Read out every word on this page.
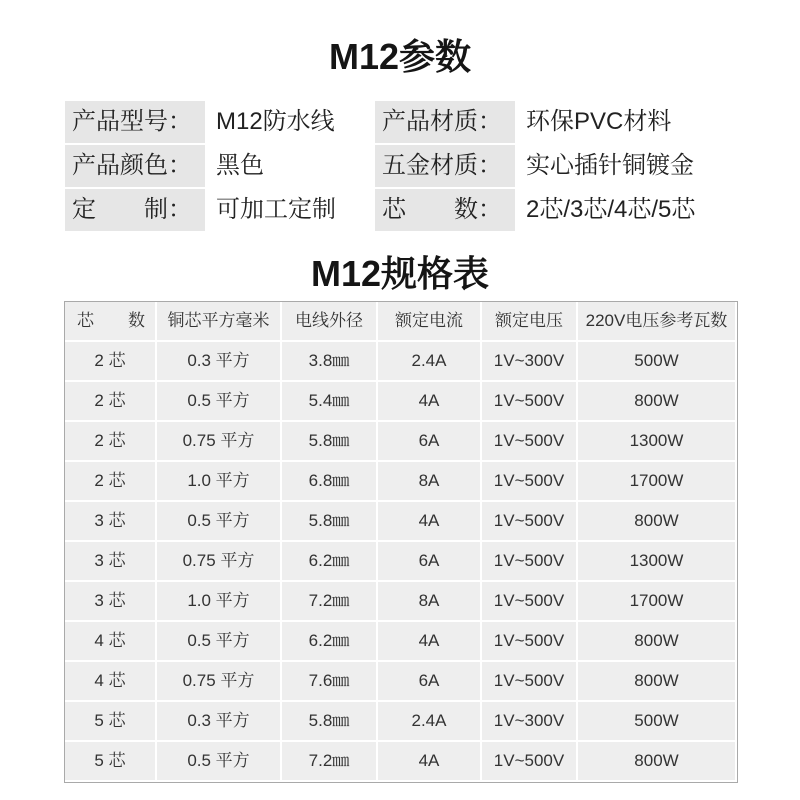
M12参数
产品型号：	M12防水线	产品材质：	环保PVC材料
产品颜色：	黑色	五金材质：	实心插针铜镀金
定　　制：	可加工定制	芯　　数：	2芯/3芯/4芯/5芯
M12规格表
芯　　数	铜芯平方毫米	电线外径	额定电流	额定电压	220V电压参考瓦数
2 芯	0.3 平方	3.8㎜	2.4A	1V~300V	500W
2 芯	0.5 平方	5.4㎜	4A	1V~500V	800W
2 芯	0.75 平方	5.8㎜	6A	1V~500V	1300W
2 芯	1.0 平方	6.8㎜	8A	1V~500V	1700W
3 芯	0.5 平方	5.8㎜	4A	1V~500V	800W
3 芯	0.75 平方	6.2㎜	6A	1V~500V	1300W
3 芯	1.0 平方	7.2㎜	8A	1V~500V	1700W
4 芯	0.5 平方	6.2㎜	4A	1V~500V	800W
4 芯	0.75 平方	7.6㎜	6A	1V~500V	800W
5 芯	0.3 平方	5.8㎜	2.4A	1V~300V	500W
5 芯	0.5 平方	7.2㎜	4A	1V~500V	800W
